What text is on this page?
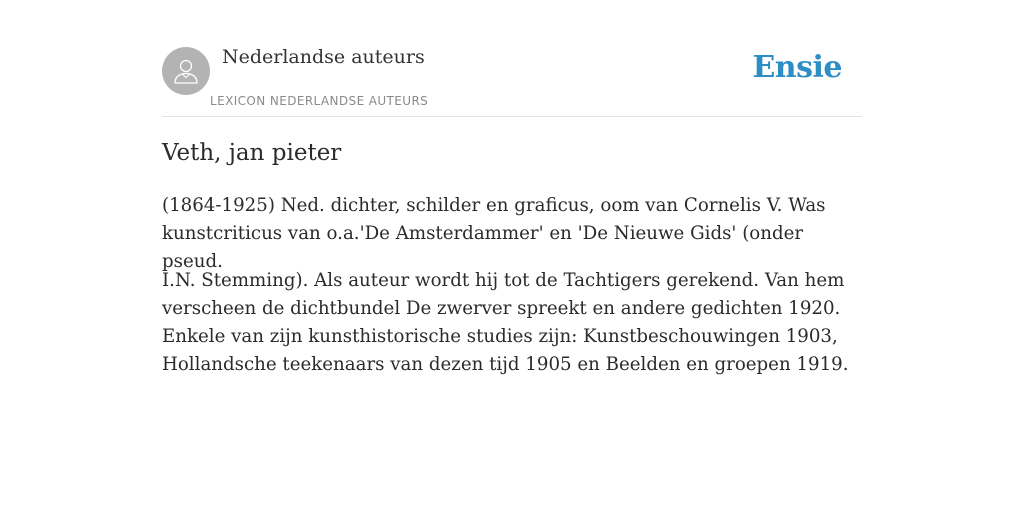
Nederlandse auteurs
LEXICON NEDERLANDSE AUTEURS
Ensie
Veth, jan pieter

(1864-1925) Ned. dichter, schilder en graficus, oom van Cornelis V. Was kunstcriticus van o.a.'De Amsterdammer' en 'De Nieuwe Gids' (onder pseud.

I.N. Stemming). Als auteur wordt hij tot de Tachtigers gerekend. Van hem verscheen de dichtbundel De zwerver spreekt en andere gedichten 1920. Enkele van zijn kunsthistorische studies zijn: Kunstbeschouwingen 1903, Hollandsche teekenaars van dezen tijd 1905 en Beelden en groepen 1919.
